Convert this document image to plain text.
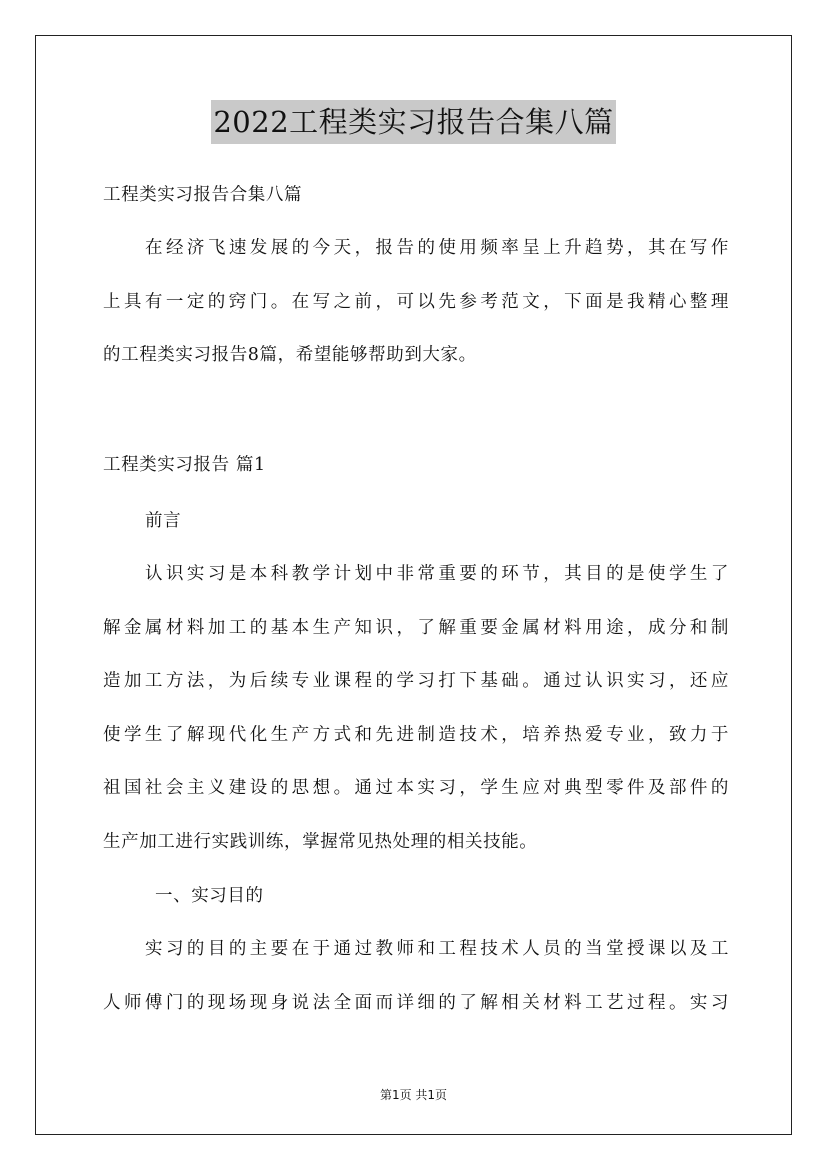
2022工程类实习报告合集八篇
工程类实习报告合集八篇
在经济飞速发展的今天，报告的使用频率呈上升趋势，其在写作
上具有一定的窍门。在写之前，可以先参考范文，下面是我精心整理
的工程类实习报告8篇，希望能够帮助到大家。
工程类实习报告 篇1
前言
认识实习是本科教学计划中非常重要的环节，其目的是使学生了
解金属材料加工的基本生产知识，了解重要金属材料用途，成分和制
造加工方法，为后续专业课程的学习打下基础。通过认识实习，还应
使学生了解现代化生产方式和先进制造技术，培养热爱专业，致力于
祖国社会主义建设的思想。通过本实习，学生应对典型零件及部件的
生产加工进行实践训练，掌握常见热处理的相关技能。
一、实习目的
实习的目的主要在于通过教师和工程技术人员的当堂授课以及工
人师傅门的现场现身说法全面而详细的了解相关材料工艺过程。实习
第1页 共1页
